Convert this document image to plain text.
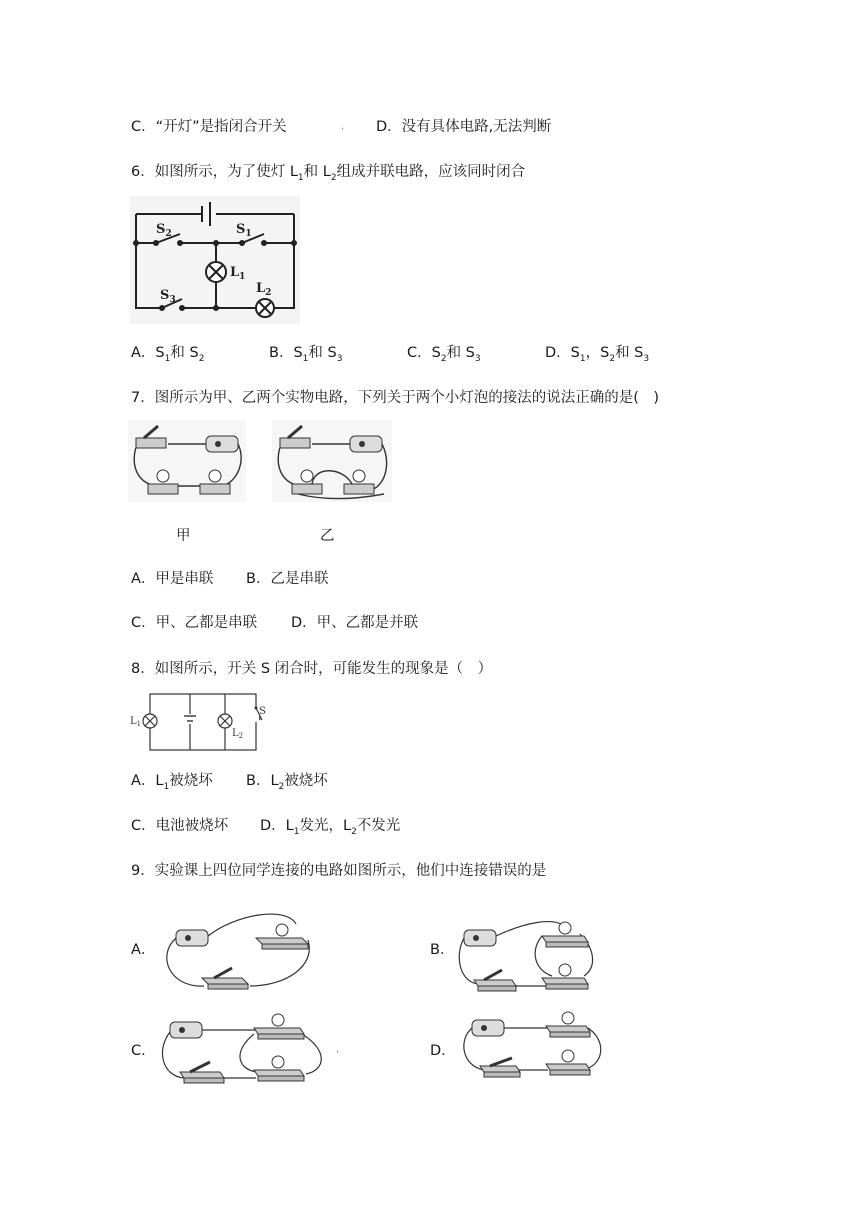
C．“开灯”是指闭合开关	, D．没有具体电路,无法判断
6．如图所示，为了使灯 $L_1$和 $L_2$组成并联电路，应该同时闭合
$S_2$	$S_1$
$L_1$
$S_3$
$L_2$
A．$S_1$和 $S_2$	B．$S_1$和 $S_3$	C．$S_2$和 $S_3$	D．$S_1$，$S_2$和 $S_3$
7．图所示为甲、乙两个实物电路，下列关于两个小灯泡的接法的说法正确的是(　)
甲	乙
A．甲是串联 B．乙是串联
C．甲、乙都是串联 D．甲、乙都是并联
8．如图所示，开关 S 闭合时，可能发生的现象是（　）
$L_1$
$L_2$
S
A．$L_1$被烧坏 B．$L_2$被烧坏
C．电池被烧坏 D．$L_1$发光，$L_2$不发光
9．实验课上四位同学连接的电路如图所示，他们中连接错误的是
A．	B．
C．	,	D．
